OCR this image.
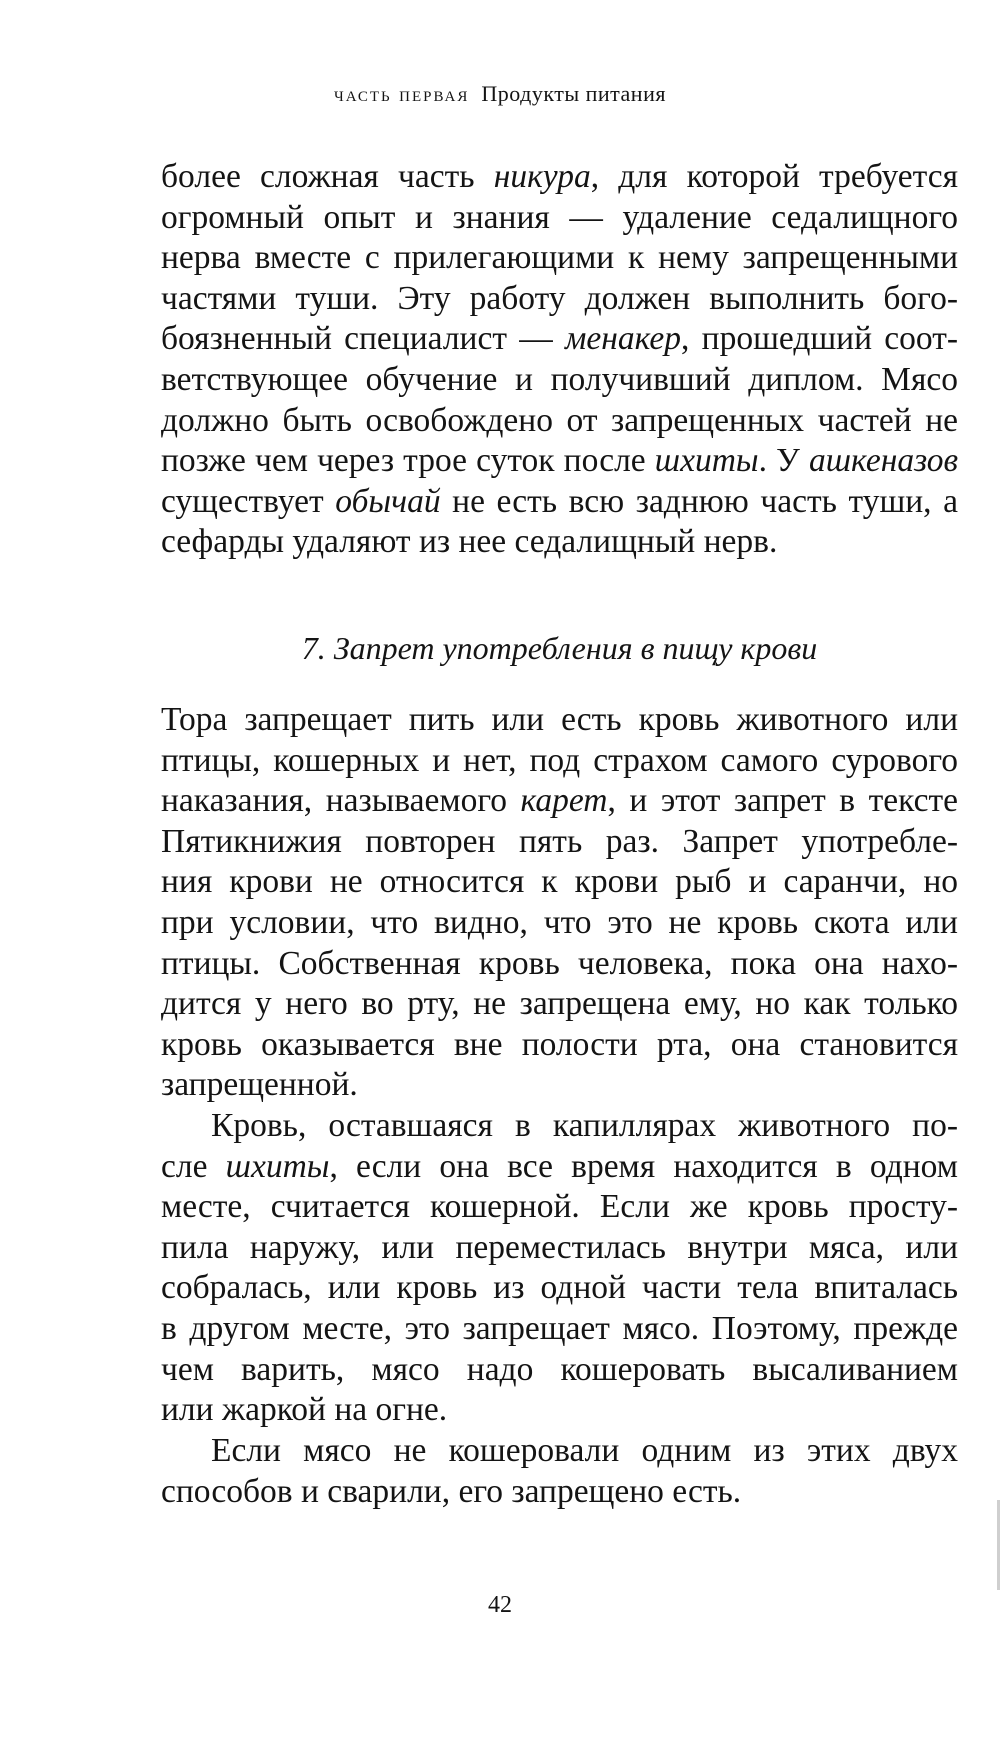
часть первая Продукты питания
более сложная часть никура, для которой требуется
огромный опыт и знания — удаление седалищного
нерва вместе с прилегающими к нему запрещенными
частями туши. Эту работу должен выполнить бого-
боязненный специалист — менакер, прошедший соот-
ветствующее обучение и получивший диплом. Мясо
должно быть освобождено от запрещенных частей не
позже чем через трое суток после шхиты. У ашкеназов
существует обычай не есть всю заднюю часть туши, а
сефарды удаляют из нее седалищный нерв.
7. Запрет употребления в пищу крови
Тора запрещает пить или есть кровь животного или
птицы, кошерных и нет, под страхом самого сурового
наказания, называемого карет, и этот запрет в тексте
Пятикнижия повторен пять раз. Запрет употребле-
ния крови не относится к крови рыб и саранчи, но
при условии, что видно, что это не кровь скота или
птицы. Собственная кровь человека, пока она нахо-
дится у него во рту, не запрещена ему, но как только
кровь оказывается вне полости рта, она становится
запрещенной.
Кровь, оставшаяся в капиллярах животного по-
сле шхиты, если она все время находится в одном
месте, считается кошерной. Если же кровь просту-
пила наружу, или переместилась внутри мяса, или
собралась, или кровь из одной части тела впиталась
в другом месте, это запрещает мясо. Поэтому, прежде
чем варить, мясо надо кошеровать высаливанием
или жаркой на огне.
Если мясо не кошеровали одним из этих двух
способов и сварили, его запрещено есть.
42
